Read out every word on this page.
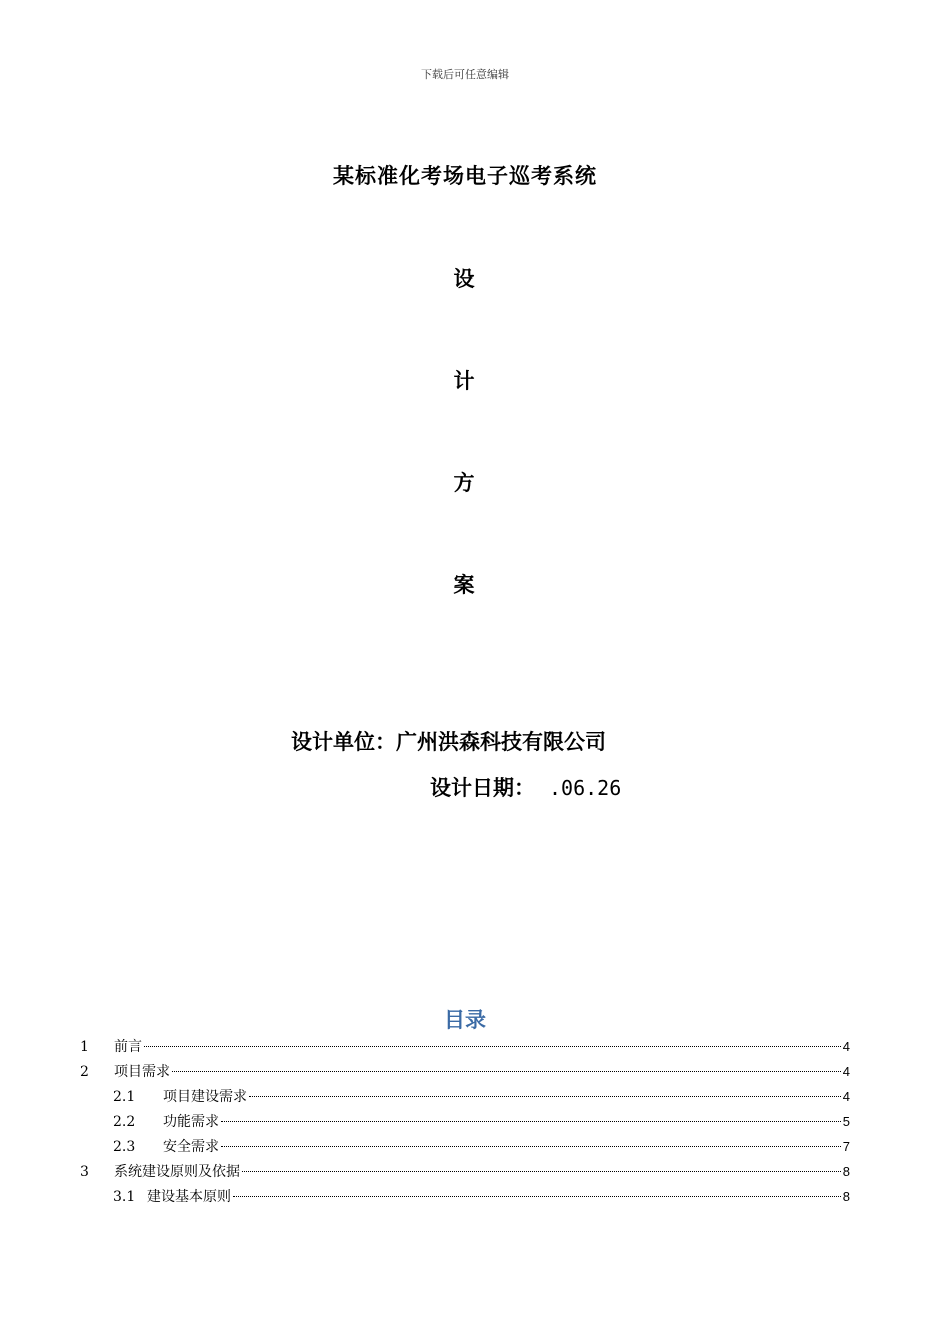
下载后可任意编辑
某标准化考场电子巡考系统
设
计
方
案
设计单位：广州洪森科技有限公司
设计日期： .06.26
目录
1	前言	4
2	项目需求	4
2.1	项目建设需求	4
2.2	功能需求	5
2.3	安全需求	7
3	系统建设原则及依据	8
3.1 建设基本原则	8
